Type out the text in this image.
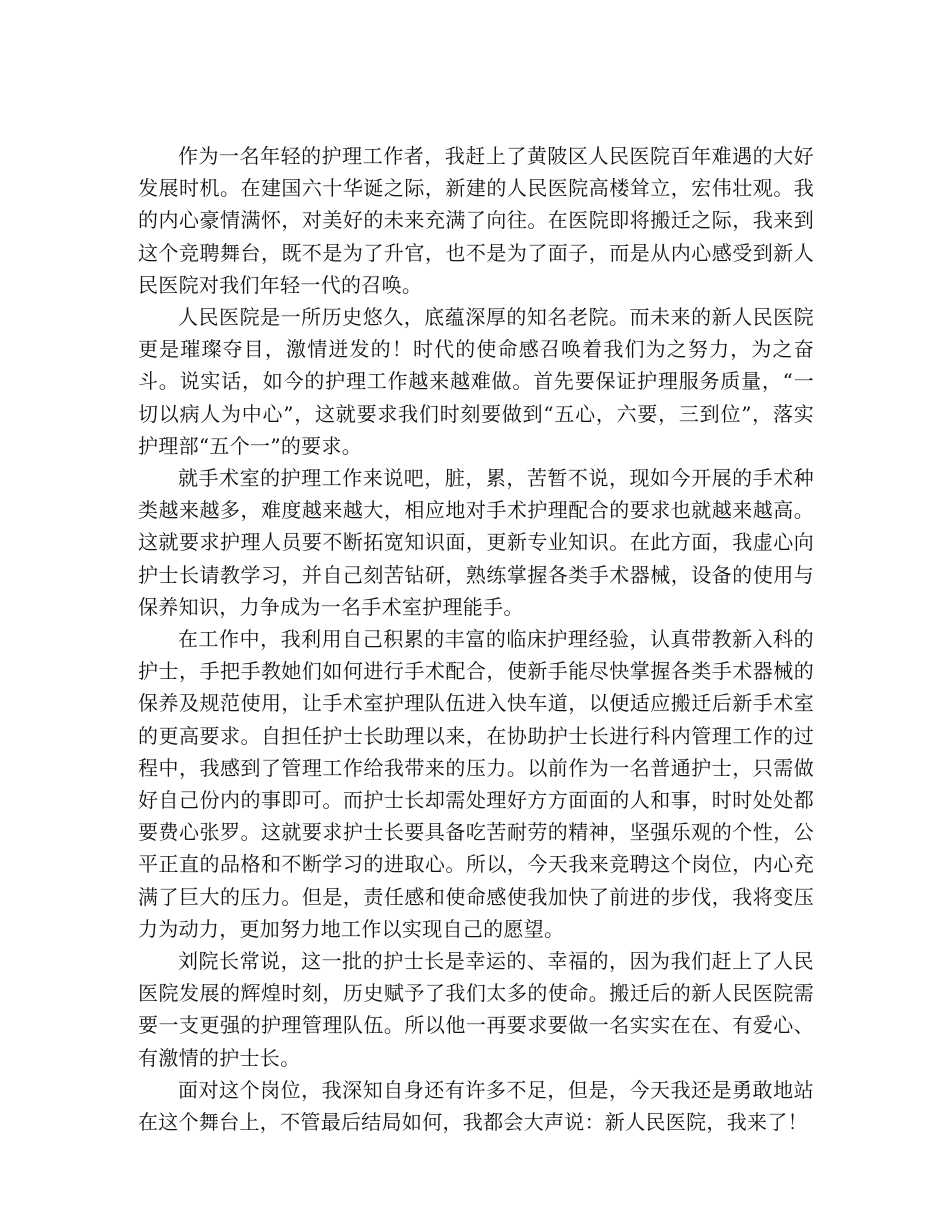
作为一名年轻的护理工作者，我赶上了黄陂区人民医院百年难遇的大好发展时机。在建国六十华诞之际，新建的人民医院高楼耸立，宏伟壮观。我的内心豪情满怀，对美好的未来充满了向往。在医院即将搬迁之际，我来到这个竞聘舞台，既不是为了升官，也不是为了面子，而是从内心感受到新人民医院对我们年轻一代的召唤。

人民医院是一所历史悠久，底蕴深厚的知名老院。而未来的新人民医院更是璀璨夺目，激情迸发的！时代的使命感召唤着我们为之努力，为之奋斗。说实话，如今的护理工作越来越难做。首先要保证护理服务质量，“一切以病人为中心”，这就要求我们时刻要做到“五心，六要，三到位”，落实护理部“五个一”的要求。

就手术室的护理工作来说吧，脏，累，苦暂不说，现如今开展的手术种类越来越多，难度越来越大，相应地对手术护理配合的要求也就越来越高。这就要求护理人员要不断拓宽知识面，更新专业知识。在此方面，我虚心向护士长请教学习，并自己刻苦钻研，熟练掌握各类手术器械，设备的使用与保养知识，力争成为一名手术室护理能手。

在工作中，我利用自己积累的丰富的临床护理经验，认真带教新入科的护士，手把手教她们如何进行手术配合，使新手能尽快掌握各类手术器械的保养及规范使用，让手术室护理队伍进入快车道，以便适应搬迁后新手术室的更高要求。自担任护士长助理以来，在协助护士长进行科内管理工作的过程中，我感到了管理工作给我带来的压力。以前作为一名普通护士，只需做好自己份内的事即可。而护士长却需处理好方方面面的人和事，时时处处都要费心张罗。这就要求护士长要具备吃苦耐劳的精神，坚强乐观的个性，公平正直的品格和不断学习的进取心。所以，今天我来竞聘这个岗位，内心充满了巨大的压力。但是，责任感和使命感使我加快了前进的步伐，我将变压力为动力，更加努力地工作以实现自己的愿望。

刘院长常说，这一批的护士长是幸运的、幸福的，因为我们赶上了人民医院发展的辉煌时刻，历史赋予了我们太多的使命。搬迁后的新人民医院需要一支更强的护理管理队伍。所以他一再要求要做一名实实在在、有爱心、有激情的护士长。

面对这个岗位，我深知自身还有许多不足，但是，今天我还是勇敢地站在这个舞台上，不管最后结局如何，我都会大声说：新人民医院，我来了！
